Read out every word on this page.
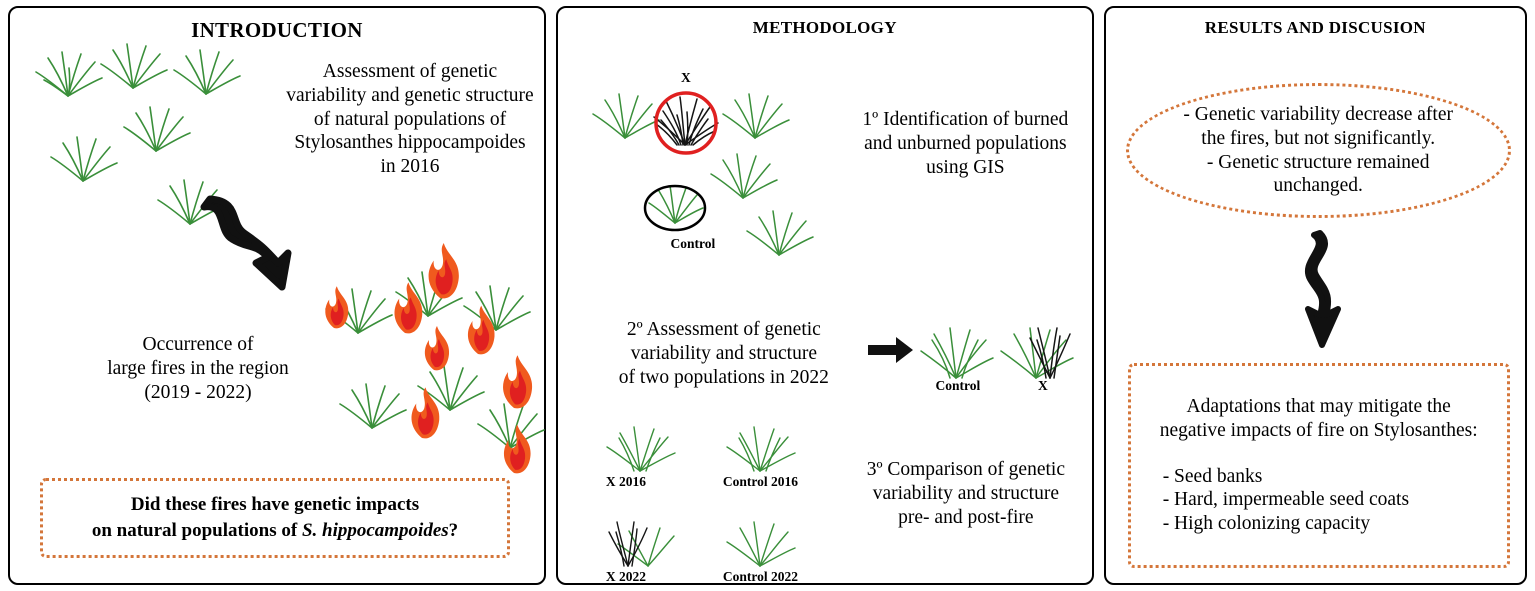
INTRODUCTION
Assessment of genetic
variability and genetic structure
of natural populations of
Stylosanthes hippocampoides
in 2016
Occurrence of
large fires in the region
(2019 - 2022)
Did these fires have genetic impacts
on natural populations of S. hippocampoides?
METHODOLOGY
X
Control
1º Identification of burned
and unburned populations
using GIS
2º Assessment of genetic
variability and structure
of two populations in 2022	Control	X
X 2016	Control 2016
X 2022	Control 2022
3º Comparison of genetic
variability and structure
pre- and post-fire
RESULTS AND DISCUSION
- Genetic variability decrease after
the fires, but not significantly.
- Genetic structure remained
unchanged.
Adaptations that may mitigate the
negative impacts of fire on Stylosanthes:
- Seed banks
- Hard, impermeable seed coats
- High colonizing capacity
